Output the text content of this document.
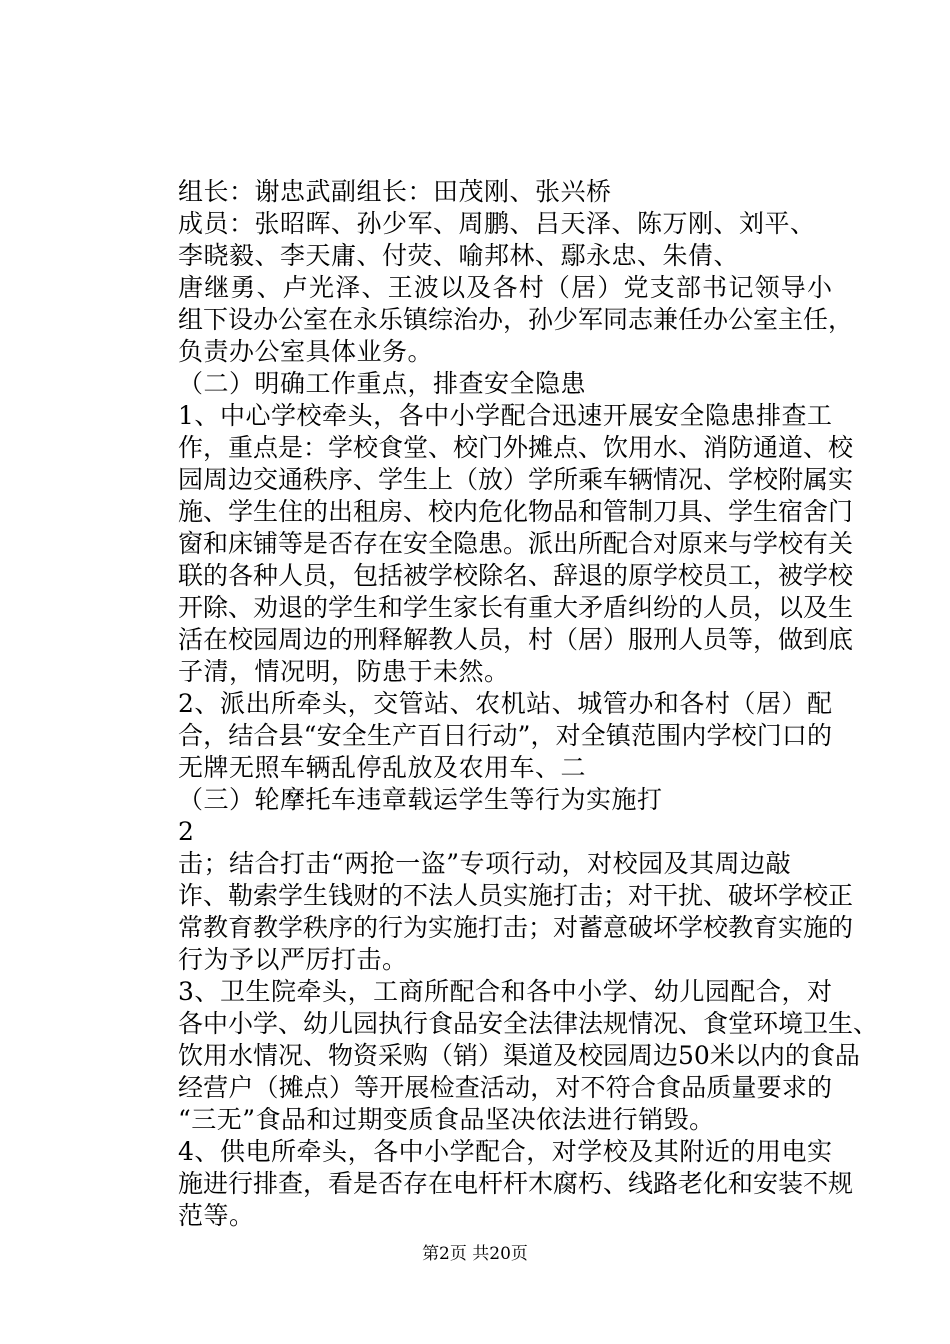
组长：谢忠武副组长：田茂刚、张兴桥
成员：张昭晖、孙少军、周鹏、吕天泽、陈万刚、刘平、
李晓毅、李天庸、付荧、喻邦林、鄢永忠、朱倩、
唐继勇、卢光泽、王波以及各村（居）党支部书记领导小
组下设办公室在永乐镇综治办，孙少军同志兼任办公室主任，
负责办公室具体业务。
（二）明确工作重点，排查安全隐患
1、中心学校牵头，各中小学配合迅速开展安全隐患排查工
作，重点是：学校食堂、校门外摊点、饮用水、消防通道、校
园周边交通秩序、学生上（放）学所乘车辆情况、学校附属实
施、学生住的出租房、校内危化物品和管制刀具、学生宿舍门
窗和床铺等是否存在安全隐患。派出所配合对原来与学校有关
联的各种人员，包括被学校除名、辞退的原学校员工，被学校
开除、劝退的学生和学生家长有重大矛盾纠纷的人员，以及生
活在校园周边的刑释解教人员，村（居）服刑人员等，做到底
子清，情况明，防患于未然。
2、派出所牵头，交管站、农机站、城管办和各村（居）配
合，结合县“安全生产百日行动”，对全镇范围内学校门口的
无牌无照车辆乱停乱放及农用车、二
（三）轮摩托车违章载运学生等行为实施打
2
击；结合打击“两抢一盗”专项行动，对校园及其周边敲
诈、勒索学生钱财的不法人员实施打击；对干扰、破坏学校正
常教育教学秩序的行为实施打击；对蓄意破坏学校教育实施的
行为予以严厉打击。
3、卫生院牵头，工商所配合和各中小学、幼儿园配合，对
各中小学、幼儿园执行食品安全法律法规情况、食堂环境卫生、
饮用水情况、物资采购（销）渠道及校园周边50米以内的食品
经营户（摊点）等开展检查活动，对不符合食品质量要求的
“三无”食品和过期变质食品坚决依法进行销毁。
4、供电所牵头，各中小学配合，对学校及其附近的用电实
施进行排查，看是否存在电杆杆木腐朽、线路老化和安装不规
范等。
第2页 共20页
